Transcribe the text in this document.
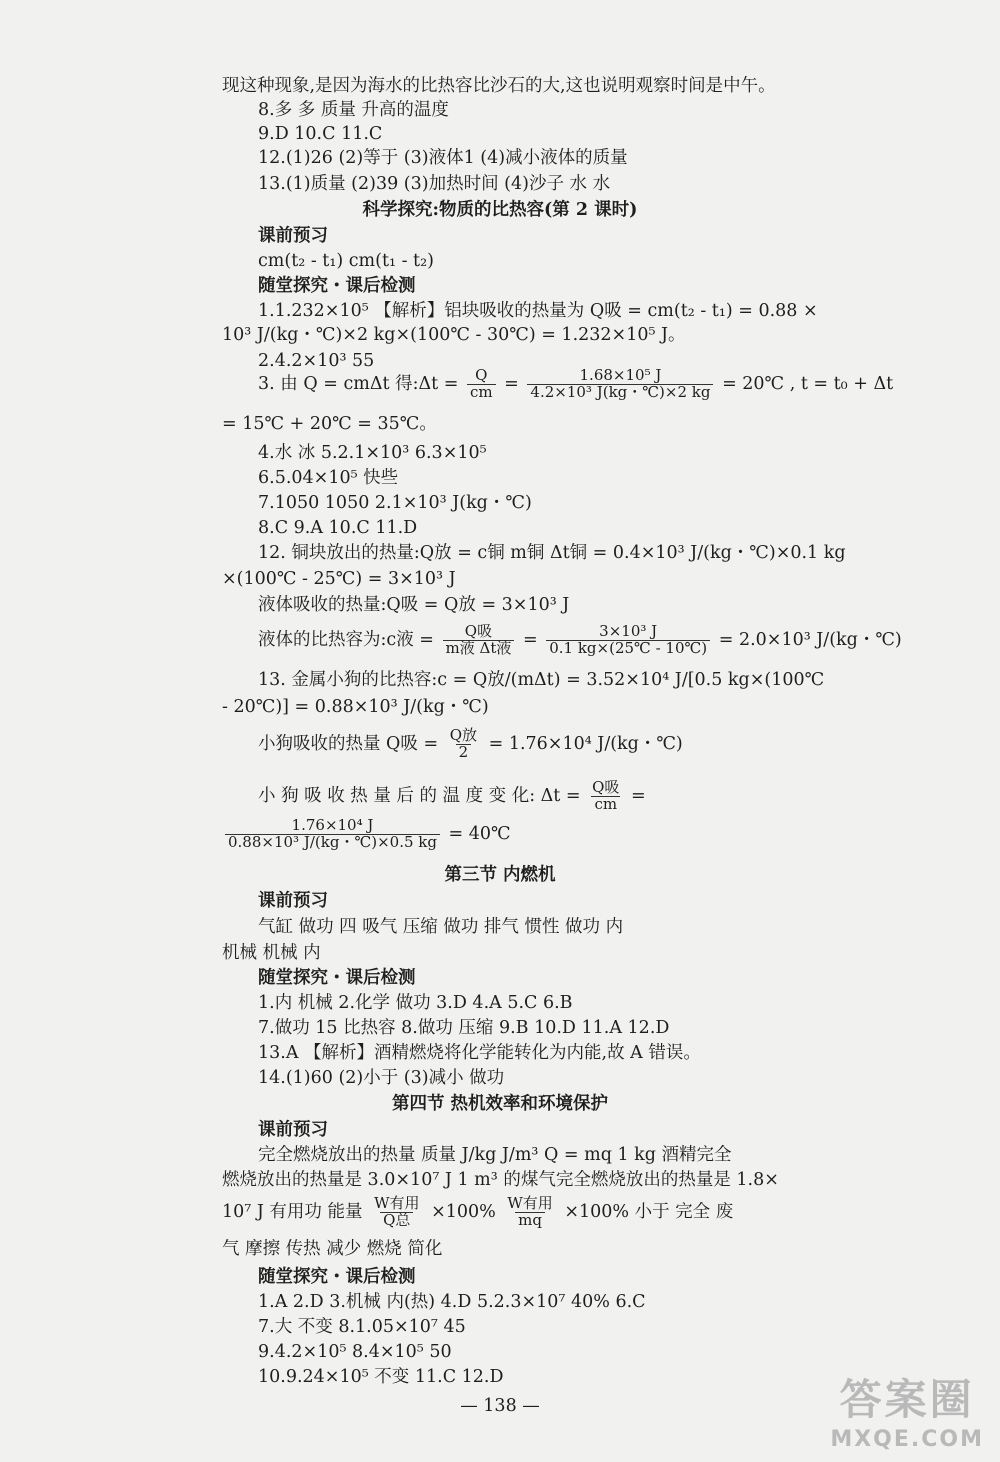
现这种现象,是因为海水的比热容比沙石的大,这也说明观察时间是中午。
8.多 多 质量 升高的温度
9.D 10.C 11.C
12.(1)26 (2)等于 (3)液体1 (4)减小液体的质量
13.(1)质量 (2)39 (3)加热时间 (4)沙子 水 水
课前预习
cm(t₂ - t₁) cm(t₁ - t₂)
随堂探究・课后检测
1.1.232×10⁵ 【解析】铝块吸收的热量为 Q吸 = cm(t₂ - t₁) = 0.88 ×
10³ J/(kg・℃)×2 kg×(100℃ - 30℃) = 1.232×10⁵ J。
2.4.2×10³ 55
= 15℃ + 20℃ = 35℃。
4.水 冰 5.2.1×10³ 6.3×10⁵
6.5.04×10⁵ 快些
7.1050 1050 2.1×10³ J(kg・℃)
8.C 9.A 10.C 11.D
12. 铜块放出的热量:Q放 = c铜 m铜 Δt铜 = 0.4×10³ J/(kg・℃)×0.1 kg
×(100℃ - 25℃) = 3×10³ J
液体吸收的热量:Q吸 = Q放 = 3×10³ J
13. 金属小狗的比热容:c = Q放/(mΔt) = 3.52×10⁴ J/[0.5 kg×(100℃
- 20℃)] = 0.88×10³ J/(kg・℃)
课前预习
气缸 做功 四 吸气 压缩 做功 排气 惯性 做功 内
机械 机械 内
随堂探究・课后检测
1.内 机械 2.化学 做功 3.D 4.A 5.C 6.B
7.做功 15 比热容 8.做功 压缩 9.B 10.D 11.A 12.D
13.A 【解析】酒精燃烧将化学能转化为内能,故 A 错误。
14.(1)60 (2)小于 (3)减小 做功
课前预习
完全燃烧放出的热量 质量 J/kg J/m³ Q = mq 1 kg 酒精完全
燃烧放出的热量是 3.0×10⁷ J 1 m³ 的煤气完全燃烧放出的热量是 1.8×
气 摩擦 传热 减少 燃烧 简化
随堂探究・课后检测
1.A 2.D 3.机械 内(热) 4.D 5.2.3×10⁷ 40% 6.C
7.大 不变 8.1.05×10⁷ 45
9.4.2×10⁵ 8.4×10⁵ 50
10.9.24×10⁵ 不变 11.C 12.D
科学探究:物质的比热容(第 2 课时)
第三节 内燃机
第四节 热机效率和环境保护
3. 由 Q = cmΔt 得:Δt = $\frac{Q}{cm} = \frac{\text{1.68×10⁵ J}}{\text{4.2×10³ J(kg・℃)×2 kg}}$ = 20℃ , t = t₀ + Δt
液体的比热容为:c液 = $\frac{\text{Q吸}}{\text{m液 Δt液}} = \frac{\text{3×10³ J}}{0.1 kg\times(25℃ - 10℃)} = 2.0\times 10^3$ J/(kg・℃)
小狗吸收的热量 Q吸 = $\frac{\text{Q放}}{2} = 1.76\times 10^4$ J/(kg・℃)
小 狗 吸 收 热 量 后 的 温 度 变 化: $\Delta t = \frac{\text{Q吸}}{cm}$ =
$\frac{\text{1.76×10⁴ J}}{\text{0.88×10³ J/(kg・℃)×0.5 kg}}$ = 40℃
10⁷ J 有用功 能量 $\frac{\text{W有用}}{\text{Q总}} \times 100\% \frac{\text{W有用}}{mq} \times 100\%$ 小于 完全 废
— 138 —	答案圈
MXQE.COM
